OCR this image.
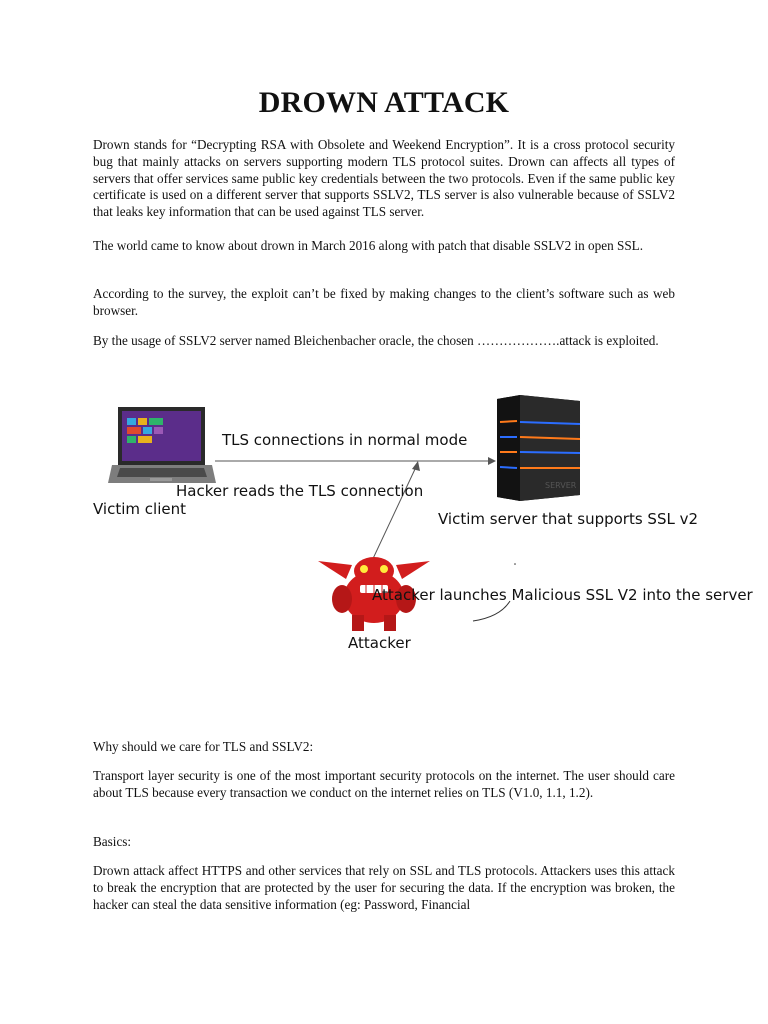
DROWN ATTACK

Drown stands for “Decrypting RSA with Obsolete and Weekend Encryption”. It is a cross protocol security bug that mainly attacks on servers supporting modern TLS protocol suites. Drown can affects all types of servers that offer services same public key credentials between the two protocols. Even if the same public key certificate is used on a different server that supports SSLV2, TLS server is also vulnerable because of SSLV2 that leaks key information that can be used against TLS server.

The world came to know about drown in March 2016 along with patch that disable SSLV2 in open SSL.

According to the survey, the exploit can’t be fixed by making changes to the client’s software such as web browser.

By the usage of SSLV2 server named Bleichenbacher oracle, the chosen ……………….attack is exploited.

SERVER
TLS connections in normal mode
Hacker reads the TLS connection
Victim client
Victim server that supports SSL v2
Attacker launches Malicious SSL V2 into the server
Attacker

Why should we care for TLS and SSLV2:

Transport layer security is one of the most important security protocols on the internet. The user should care about TLS because every transaction we conduct on the internet relies on TLS (V1.0, 1.1, 1.2).

Basics:

Drown attack affect HTTPS and other services that rely on SSL and TLS protocols. Attackers uses this attack to break the encryption that are protected by the user for securing the data. If the encryption was broken, the hacker can steal the data sensitive information (eg: Password, Financial
